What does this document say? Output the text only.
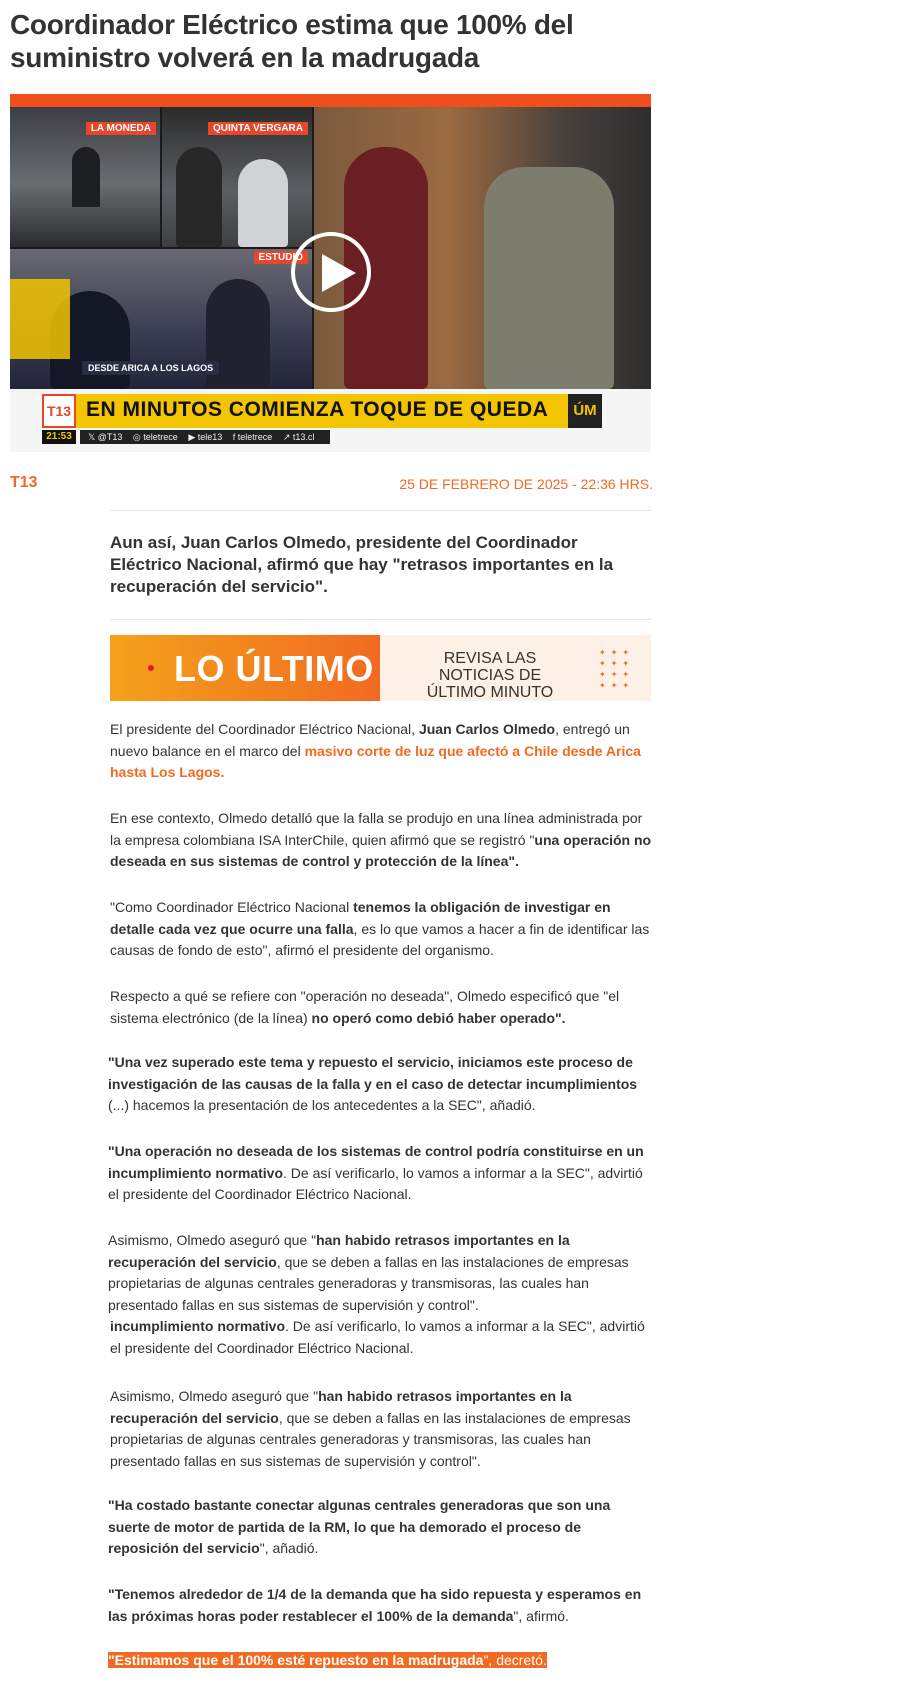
Coordinador Eléctrico estima que 100% del suministro volverá en la madrugada
LA MONEDA	QUINTA VERGARA
ESTUDIO
DESDE ARICA A LOS LAGOS
13
VIVO
T13 EN MINUTOS COMIENZA TOQUE DE QUEDA	ÚM
21:53	𝕏 @T13 ◎ teletrece ▶ tele13 f teletrece ↗ t13.cl
T13	25 DE FEBRERO DE 2025 - 22:36 HRS.

Aun así, Juan Carlos Olmedo, presidente del Coordinador Eléctrico Nacional, afirmó que hay "retrasos importantes en la recuperación del servicio".

LO ÚLTIMO	REVISA LAS NOTICIAS DE ÚLTIMO MINUTO
✦✦✦ ✦✦✦ ✦✦✦ ✦✦✦

El presidente del Coordinador Eléctrico Nacional, Juan Carlos Olmedo, entregó un nuevo balance en el marco del masivo corte de luz que afectó a Chile desde Arica hasta Los Lagos.

En ese contexto, Olmedo detalló que la falla se produjo en una línea administrada por la empresa colombiana ISA InterChile, quien afirmó que se registró "una operación no deseada en sus sistemas de control y protección de la línea".

"Como Coordinador Eléctrico Nacional tenemos la obligación de investigar en detalle cada vez que ocurre una falla, es lo que vamos a hacer a fin de identificar las causas de fondo de esto", afirmó el presidente del organismo.

Respecto a qué se refiere con "operación no deseada", Olmedo especificó que "el sistema electrónico (de la línea) no operó como debió haber operado".

"Una vez superado este tema y repuesto el servicio, iniciamos este proceso de investigación de las causas de la falla y en el caso de detectar incumplimientos (...) hacemos la presentación de los antecedentes a la SEC", añadió.

"Una operación no deseada de los sistemas de control podría constituirse en un incumplimiento normativo. De así verificarlo, lo vamos a informar a la SEC", advirtió el presidente del Coordinador Eléctrico Nacional.

Asimismo, Olmedo aseguró que "han habido retrasos importantes en la recuperación del servicio, que se deben a fallas en las instalaciones de empresas propietarias de algunas centrales generadoras y transmisoras, las cuales han presentado fallas en sus sistemas de supervisión y control".

incumplimiento normativo. De así verificarlo, lo vamos a informar a la SEC", advirtió el presidente del Coordinador Eléctrico Nacional.

Asimismo, Olmedo aseguró que "han habido retrasos importantes en la recuperación del servicio, que se deben a fallas en las instalaciones de empresas propietarias de algunas centrales generadoras y transmisoras, las cuales han presentado fallas en sus sistemas de supervisión y control".

"Ha costado bastante conectar algunas centrales generadoras que son una suerte de motor de partida de la RM, lo que ha demorado el proceso de reposición del servicio", añadió.

"Tenemos alrededor de 1/4 de la demanda que ha sido repuesta y esperamos en las próximas horas poder restablecer el 100% de la demanda", afirmó.

"Estimamos que el 100% esté repuesto en la madrugada", decretó.
